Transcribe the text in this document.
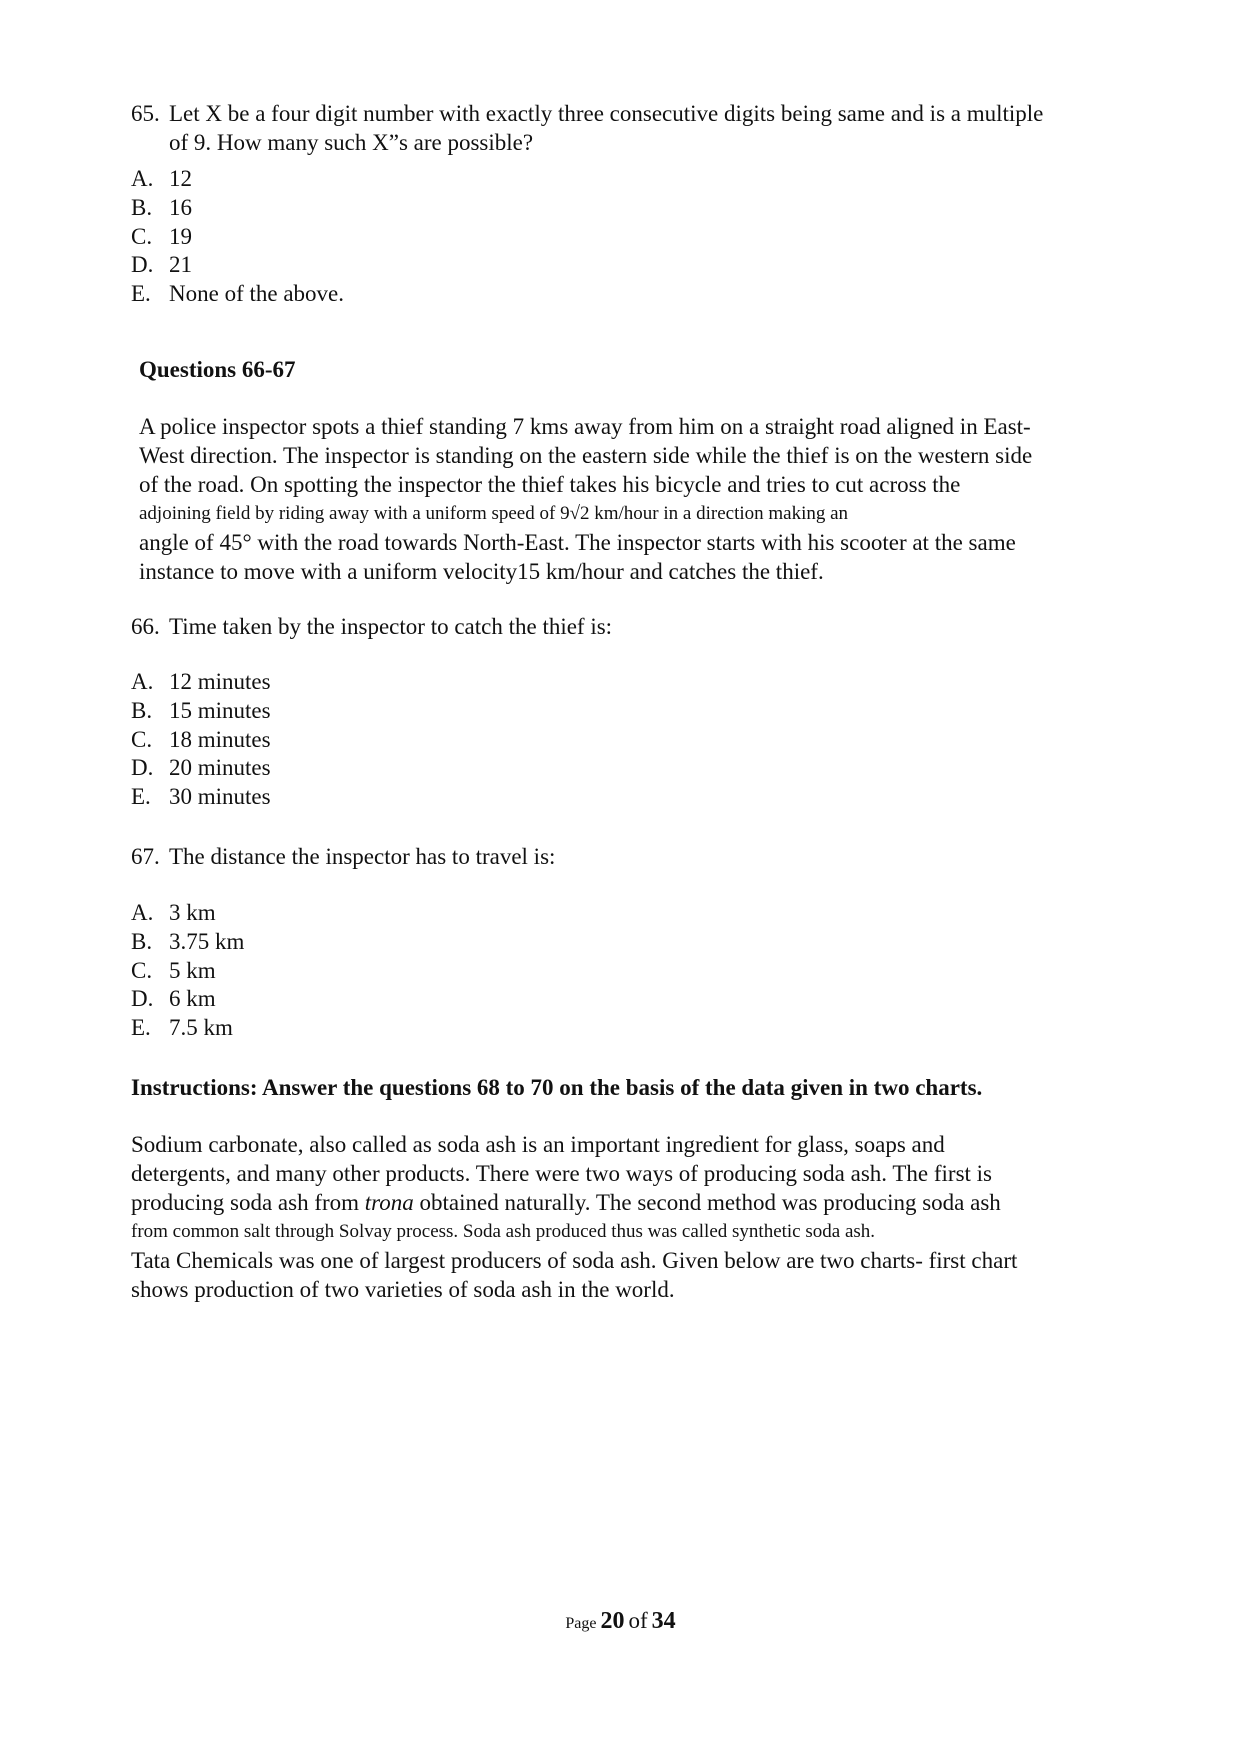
65. Let X be a four digit number with exactly three consecutive digits being same and is a multiple
of 9. How many such X”s are possible?
A. 12
B. 16
C. 19
D. 21
E. None of the above.
Questions 66-67
A police inspector spots a thief standing 7 kms away from him on a straight road aligned in East-
West direction. The inspector is standing on the eastern side while the thief is on the western side
of the road. On spotting the inspector the thief takes his bicycle and tries to cut across the
adjoining field by riding away with a uniform speed of 9√2 km/hour in a direction making an
angle of 45° with the road towards North-East. The inspector starts with his scooter at the same
instance to move with a uniform velocity15 km/hour and catches the thief.
66. Time taken by the inspector to catch the thief is:
A. 12 minutes
B. 15 minutes
C. 18 minutes
D. 20 minutes
E. 30 minutes
67. The distance the inspector has to travel is:
A. 3 km
B. 3.75 km
C. 5 km
D. 6 km
E. 7.5 km
Instructions: Answer the questions 68 to 70 on the basis of the data given in two charts.
Sodium carbonate, also called as soda ash is an important ingredient for glass, soaps and
detergents, and many other products. There were two ways of producing soda ash. The first is
producing soda ash from trona obtained naturally. The second method was producing soda ash
from common salt through Solvay process. Soda ash produced thus was called synthetic soda ash.
Tata Chemicals was one of largest producers of soda ash. Given below are two charts- first chart
shows production of two varieties of soda ash in the world.
Page 20 of 34
